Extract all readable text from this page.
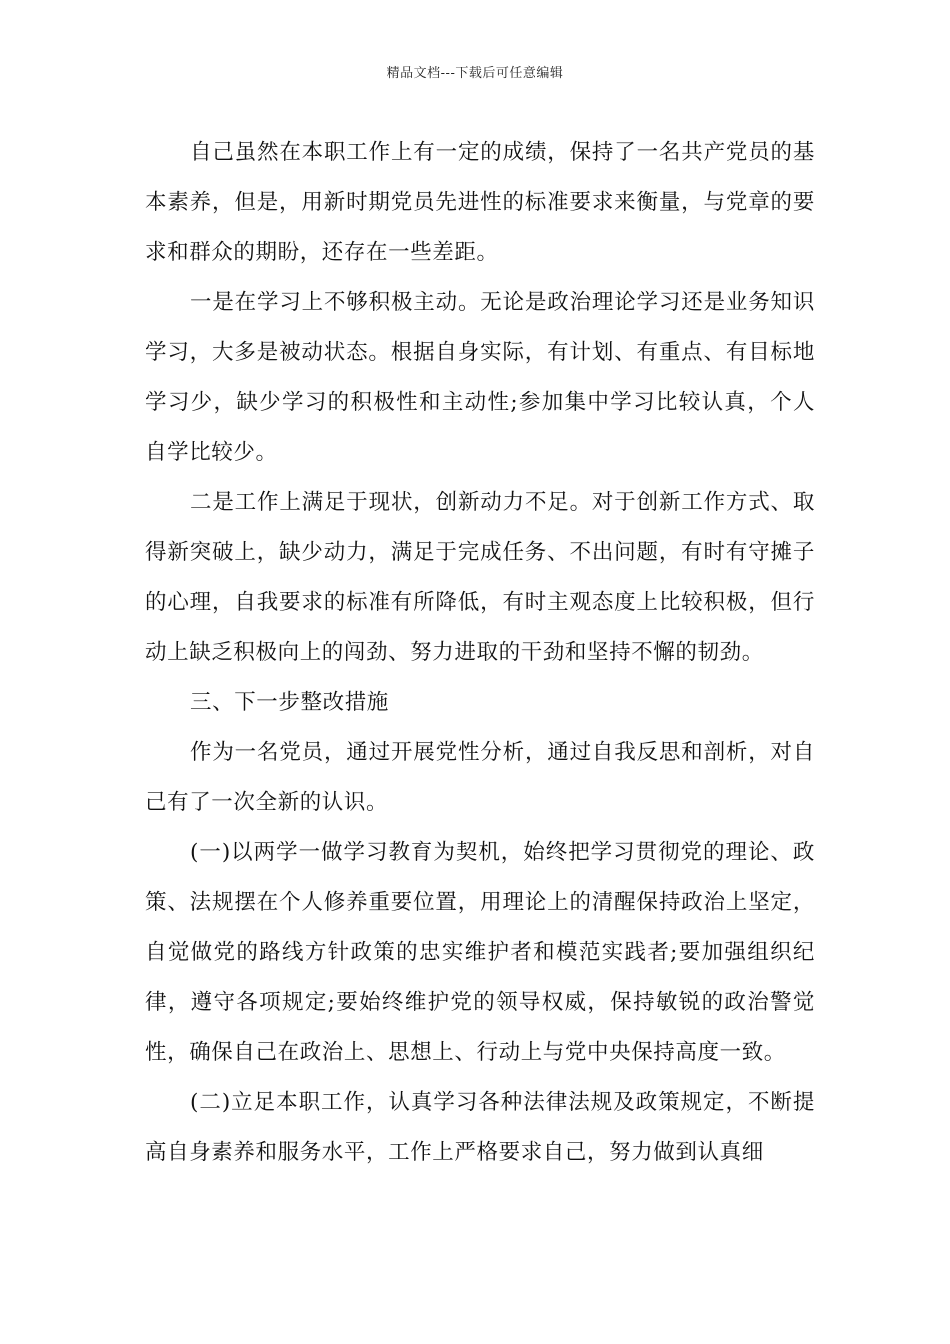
精品文档---下载后可任意编辑

自己虽然在本职工作上有一定的成绩，保持了一名共产党员的基本素养，但是，用新时期党员先进性的标准要求来衡量，与党章的要求和群众的期盼，还存在一些差距。

一是在学习上不够积极主动。无论是政治理论学习还是业务知识学习，大多是被动状态。根据自身实际，有计划、有重点、有目标地学习少，缺少学习的积极性和主动性;参加集中学习比较认真，个人自学比较少。

二是工作上满足于现状，创新动力不足。对于创新工作方式、取得新突破上，缺少动力，满足于完成任务、不出问题，有时有守摊子的心理，自我要求的标准有所降低，有时主观态度上比较积极，但行动上缺乏积极向上的闯劲、努力进取的干劲和坚持不懈的韧劲。

三、下一步整改措施

作为一名党员，通过开展党性分析，通过自我反思和剖析，对自己有了一次全新的认识。

(一)以两学一做学习教育为契机，始终把学习贯彻党的理论、政策、法规摆在个人修养重要位置，用理论上的清醒保持政治上坚定，自觉做党的路线方针政策的忠实维护者和模范实践者;要加强组织纪律，遵守各项规定;要始终维护党的领导权威，保持敏锐的政治警觉性，确保自己在政治上、思想上、行动上与党中央保持高度一致。

(二)立足本职工作，认真学习各种法律法规及政策规定，不断提高自身素养和服务水平，工作上严格要求自己，努力做到认真细
